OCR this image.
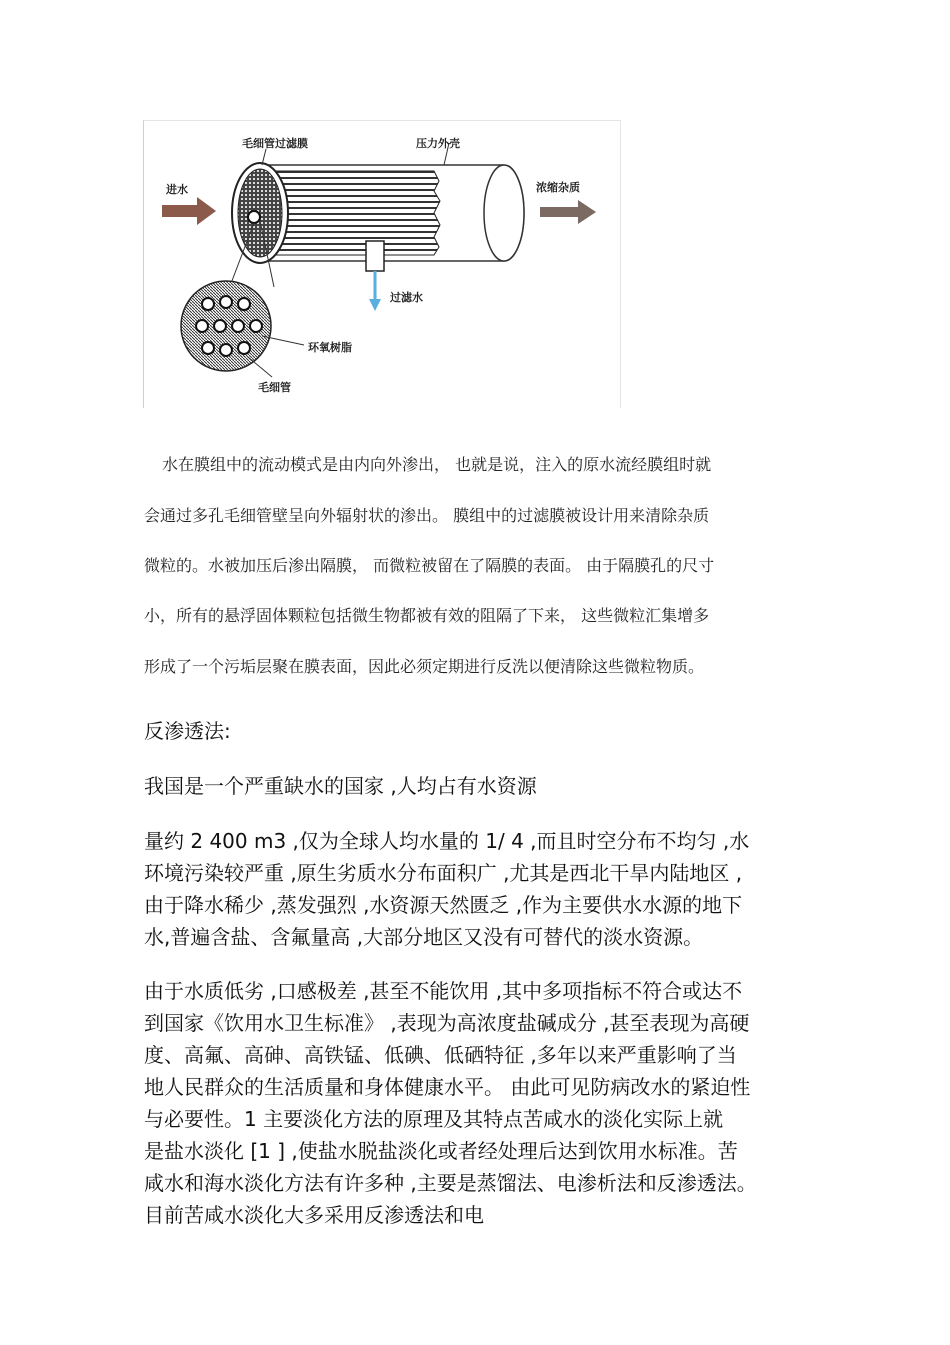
毛细管过滤膜	压力外壳
进水	浓缩杂质
过滤水
环氧树脂
毛细管
水在膜组中的流动模式是由内向外渗出， 也就是说，注入的原水流经膜组时就
会通过多孔毛细管壁呈向外辐射状的渗出。 膜组中的过滤膜被设计用来清除杂质
微粒的。水被加压后渗出隔膜， 而微粒被留在了隔膜的表面。 由于隔膜孔的尺寸
小，所有的悬浮固体颗粒包括微生物都被有效的阻隔了下来， 这些微粒汇集增多
形成了一个污垢层聚在膜表面，因此必须定期进行反洗以便清除这些微粒物质。
反渗透法:
我国是一个严重缺水的国家 ,人均占有水资源
量约 2 400 m3 ,仅为全球人均水量的 1/ 4 ,而且时空分布不均匀 ,水
环境污染较严重 ,原生劣质水分布面积广 ,尤其是西北干旱内陆地区 ,
由于降水稀少 ,蒸发强烈 ,水资源天然匮乏 ,作为主要供水水源的地下
水,普遍含盐、含氟量高 ,大部分地区又没有可替代的淡水资源。
由于水质低劣 ,口感极差 ,甚至不能饮用 ,其中多项指标不符合或达不
到国家《饮用水卫生标准》 ,表现为高浓度盐碱成分 ,甚至表现为高硬
度、高氟、高砷、高铁锰、低碘、低硒特征 ,多年以来严重影响了当
地人民群众的生活质量和身体健康水平。 由此可见防病改水的紧迫性
与必要性。1 主要淡化方法的原理及其特点苦咸水的淡化实际上就
是盐水淡化 [1 ] ,使盐水脱盐淡化或者经处理后达到饮用水标准。苦
咸水和海水淡化方法有许多种 ,主要是蒸馏法、电渗析法和反渗透法。
目前苦咸水淡化大多采用反渗透法和电
